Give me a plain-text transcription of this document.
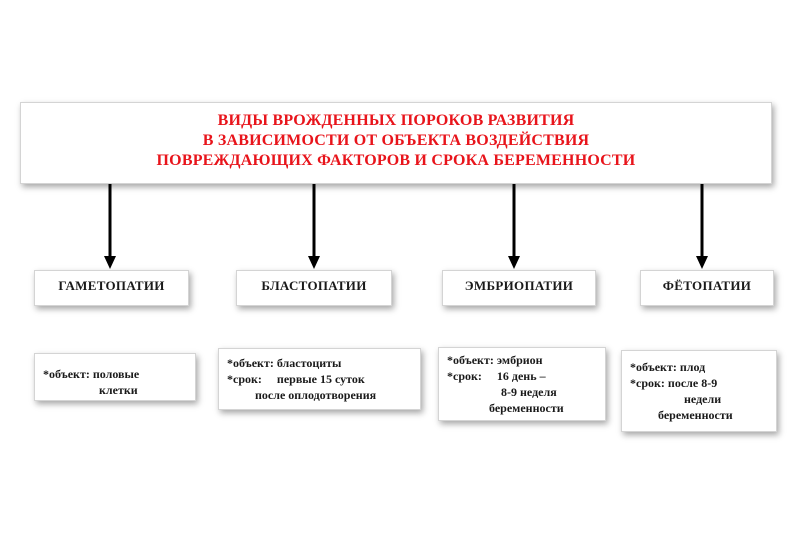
ВИДЫ ВРОЖДЕННЫХ ПОРОКОВ РАЗВИТИЯ
В ЗАВИСИМОСТИ ОТ ОБЪЕКТА ВОЗДЕЙСТВИЯ
ПОВРЕЖДАЮЩИХ ФАКТОРОВ И СРОКА БЕРЕМЕННОСТИ
ГАМЕТОПАТИИ	БЛАСТОПАТИИ	ЭМБРИОПАТИИ	ФЁТОПАТИИ
*объект: половые
клетки
*объект: бластоциты
*срок:     первые 15 суток
после оплодотворения
*объект: эмбрион
*срок:     16 день –
8-9 неделя
беременности
*объект: плод
*срок: после 8-9
недели
беременности
